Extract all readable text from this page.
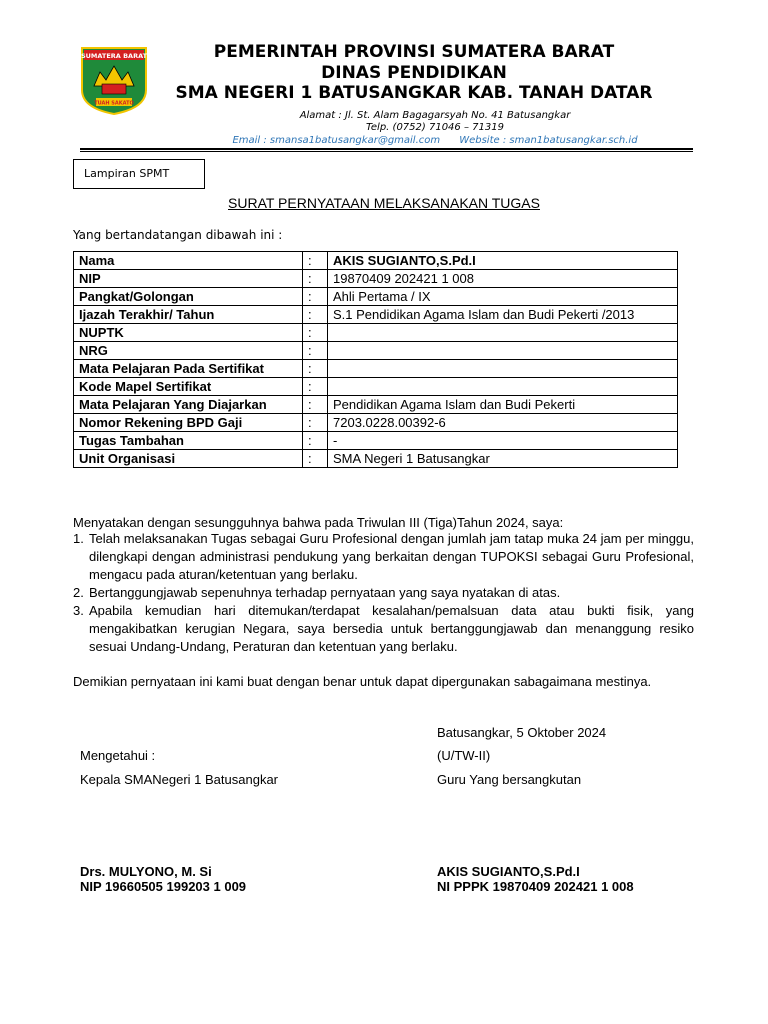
SUMATERA BARAT
TUAH SAKATO
PEMERINTAH PROVINSI SUMATERA BARAT
DINAS PENDIDIKAN
SMA NEGERI 1 BATUSANGKAR KAB. TANAH DATAR
Alamat : Jl. St. Alam Bagagarsyah No. 41 Batusangkar
Telp. (0752) 71046 – 71319
Email : smansa1batusangkar@gmail.com      Website : sman1batusangkar.sch.id
Lampiran SPMT
SURAT PERNYATAAN MELAKSANAKAN TUGAS
Yang bertandatangan dibawah ini :
Nama	:	AKIS SUGIANTO,S.Pd.I
NIP	:	19870409 202421 1 008
Pangkat/Golongan	:	Ahli Pertama / IX
Ijazah Terakhir/ Tahun	:	S.1 Pendidikan Agama Islam dan Budi Pekerti /2013
NUPTK	:	
NRG	:	
Mata Pelajaran Pada Sertifikat	:	
Kode Mapel Sertifikat	:	
Mata Pelajaran Yang Diajarkan	:	Pendidikan Agama Islam dan Budi Pekerti
Nomor Rekening BPD Gaji	:	7203.0228.00392-6
Tugas Tambahan	:	-
Unit Organisasi	:	SMA Negeri 1 Batusangkar
Menyatakan dengan sesungguhnya bahwa pada Triwulan III (Tiga)Tahun 2024, saya:
1. Telah melaksanakan Tugas sebagai Guru Profesional dengan jumlah jam tatap muka 24 jam per minggu, dilengkapi dengan administrasi pendukung yang berkaitan dengan TUPOKSI sebagai Guru Profesional, mengacu pada aturan/ketentuan yang berlaku.
2. Bertanggungjawab sepenuhnya terhadap pernyataan yang saya nyatakan di atas.
3. Apabila kemudian hari ditemukan/terdapat kesalahan/pemalsuan data atau bukti fisik, yang mengakibatkan kerugian Negara, saya bersedia untuk bertanggungjawab dan menanggung resiko sesuai Undang-Undang, Peraturan dan ketentuan yang berlaku.
Demikian pernyataan ini kami buat dengan benar untuk dapat dipergunakan sabagaimana mestinya.
Batusangkar, 5 Oktober 2024
(U/TW-II)
Mengetahui :
Kepala SMANegeri 1 Batusangkar	Guru Yang bersangkutan
Drs. MULYONO, M. Si
NIP 19660505 199203 1 009
AKIS SUGIANTO,S.Pd.I
NI PPPK 19870409 202421 1 008
